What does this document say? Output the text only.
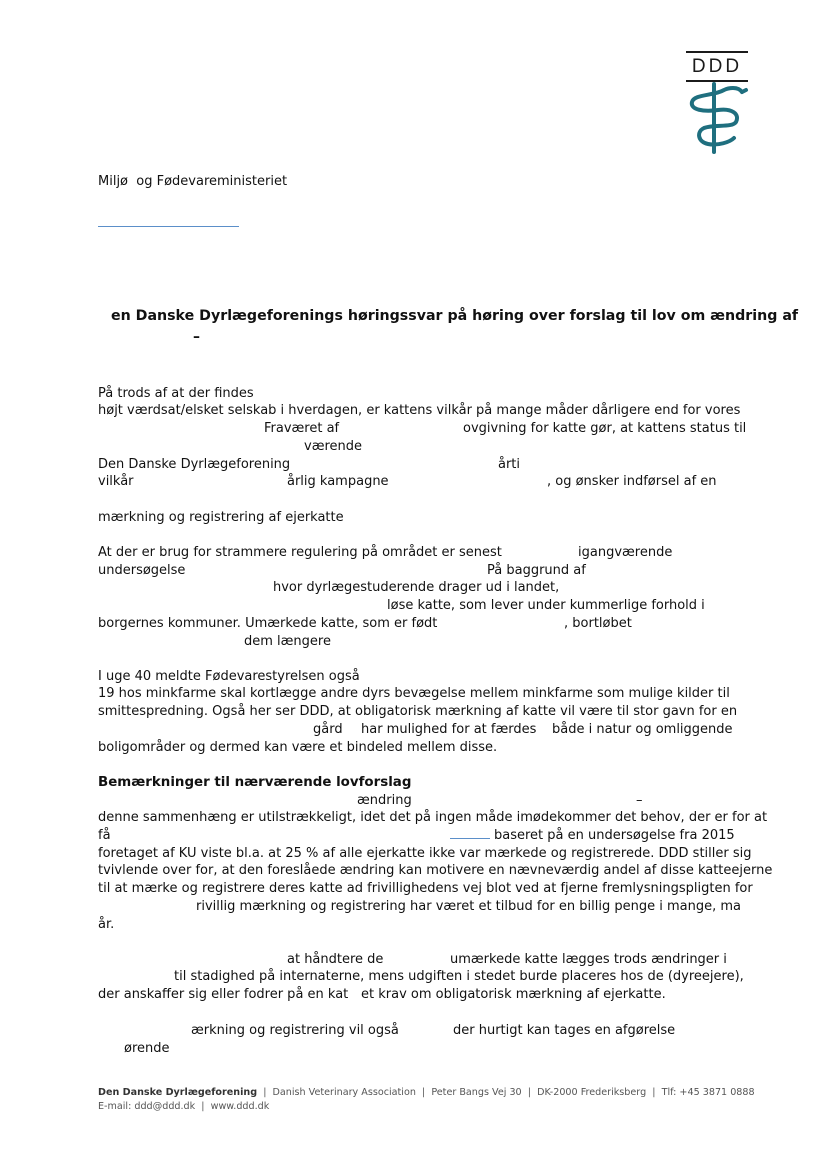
DDD
Miljø  og Fødevareministeriet
en Danske Dyrlægeforenings høringssvar på høring over forslag til lov om ændring af
–
På trods af at der findes
højt værdsat/elsket selskab i hverdagen, er kattens vilkår på mange måder dårligere end for vores
Fraværet af	ovgivning for katte gør, at kattens status til
værende
Den Danske Dyrlægeforening	årti
vilkår	årlig kampagne	, og ønsker indførsel af en
mærkning og registrering af ejerkatte
At der er brug for strammere regulering på området er senest	igangværende
undersøgelse	På baggrund af
hvor dyrlægestuderende drager ud i landet,
løse katte, som lever under kummerlige forhold i
borgernes kommuner. Umærkede katte, som er født	, bortløbet
dem længere
I uge 40 meldte Fødevarestyrelsen også
19 hos minkfarme skal kortlægge andre dyrs bevægelse mellem minkfarme som mulige kilder til
smittespredning. Også her ser DDD, at obligatorisk mærkning af katte vil være til stor gavn for en
gård har mulighed for at færdes både i natur og omliggende
boligområder og dermed kan være et bindeled mellem disse.
Bemærkninger til nærværende lovforslag
ændring	–
denne sammenhæng er utilstrækkeligt, idet det på ingen måde imødekommer det behov, der er for at
få	baseret på en undersøgelse fra 2015
foretaget af KU viste bl.a. at 25 % af alle ejerkatte ikke var mærkede og registrerede. DDD stiller sig
tvivlende over for, at den foreslåede ændring kan motivere en nævneværdig andel af disse katteejerne
til at mærke og registrere deres katte ad frivillighedens vej blot ved at fjerne fremlysningspligten for
rivillig mærkning og registrering har været et tilbud for en billig penge i mange, ma
år.
at håndtere de	umærkede katte lægges trods ændringer i
til stadighed på internaterne, mens udgiften i stedet burde placeres hos de (dyreejere),
der anskaffer sig eller fodrer på en kat et krav om obligatorisk mærkning af ejerkatte.
ærkning og registrering vil også	der hurtigt kan tages en afgørelse
ørende
Den Danske Dyrlægeforening |  Danish Veterinary Association  |  Peter Bangs Vej 30  |  DK-2000 Frederiksberg  |  Tlf: +45 3871 0888
E-mail: ddd@ddd.dk  |  www.ddd.dk
